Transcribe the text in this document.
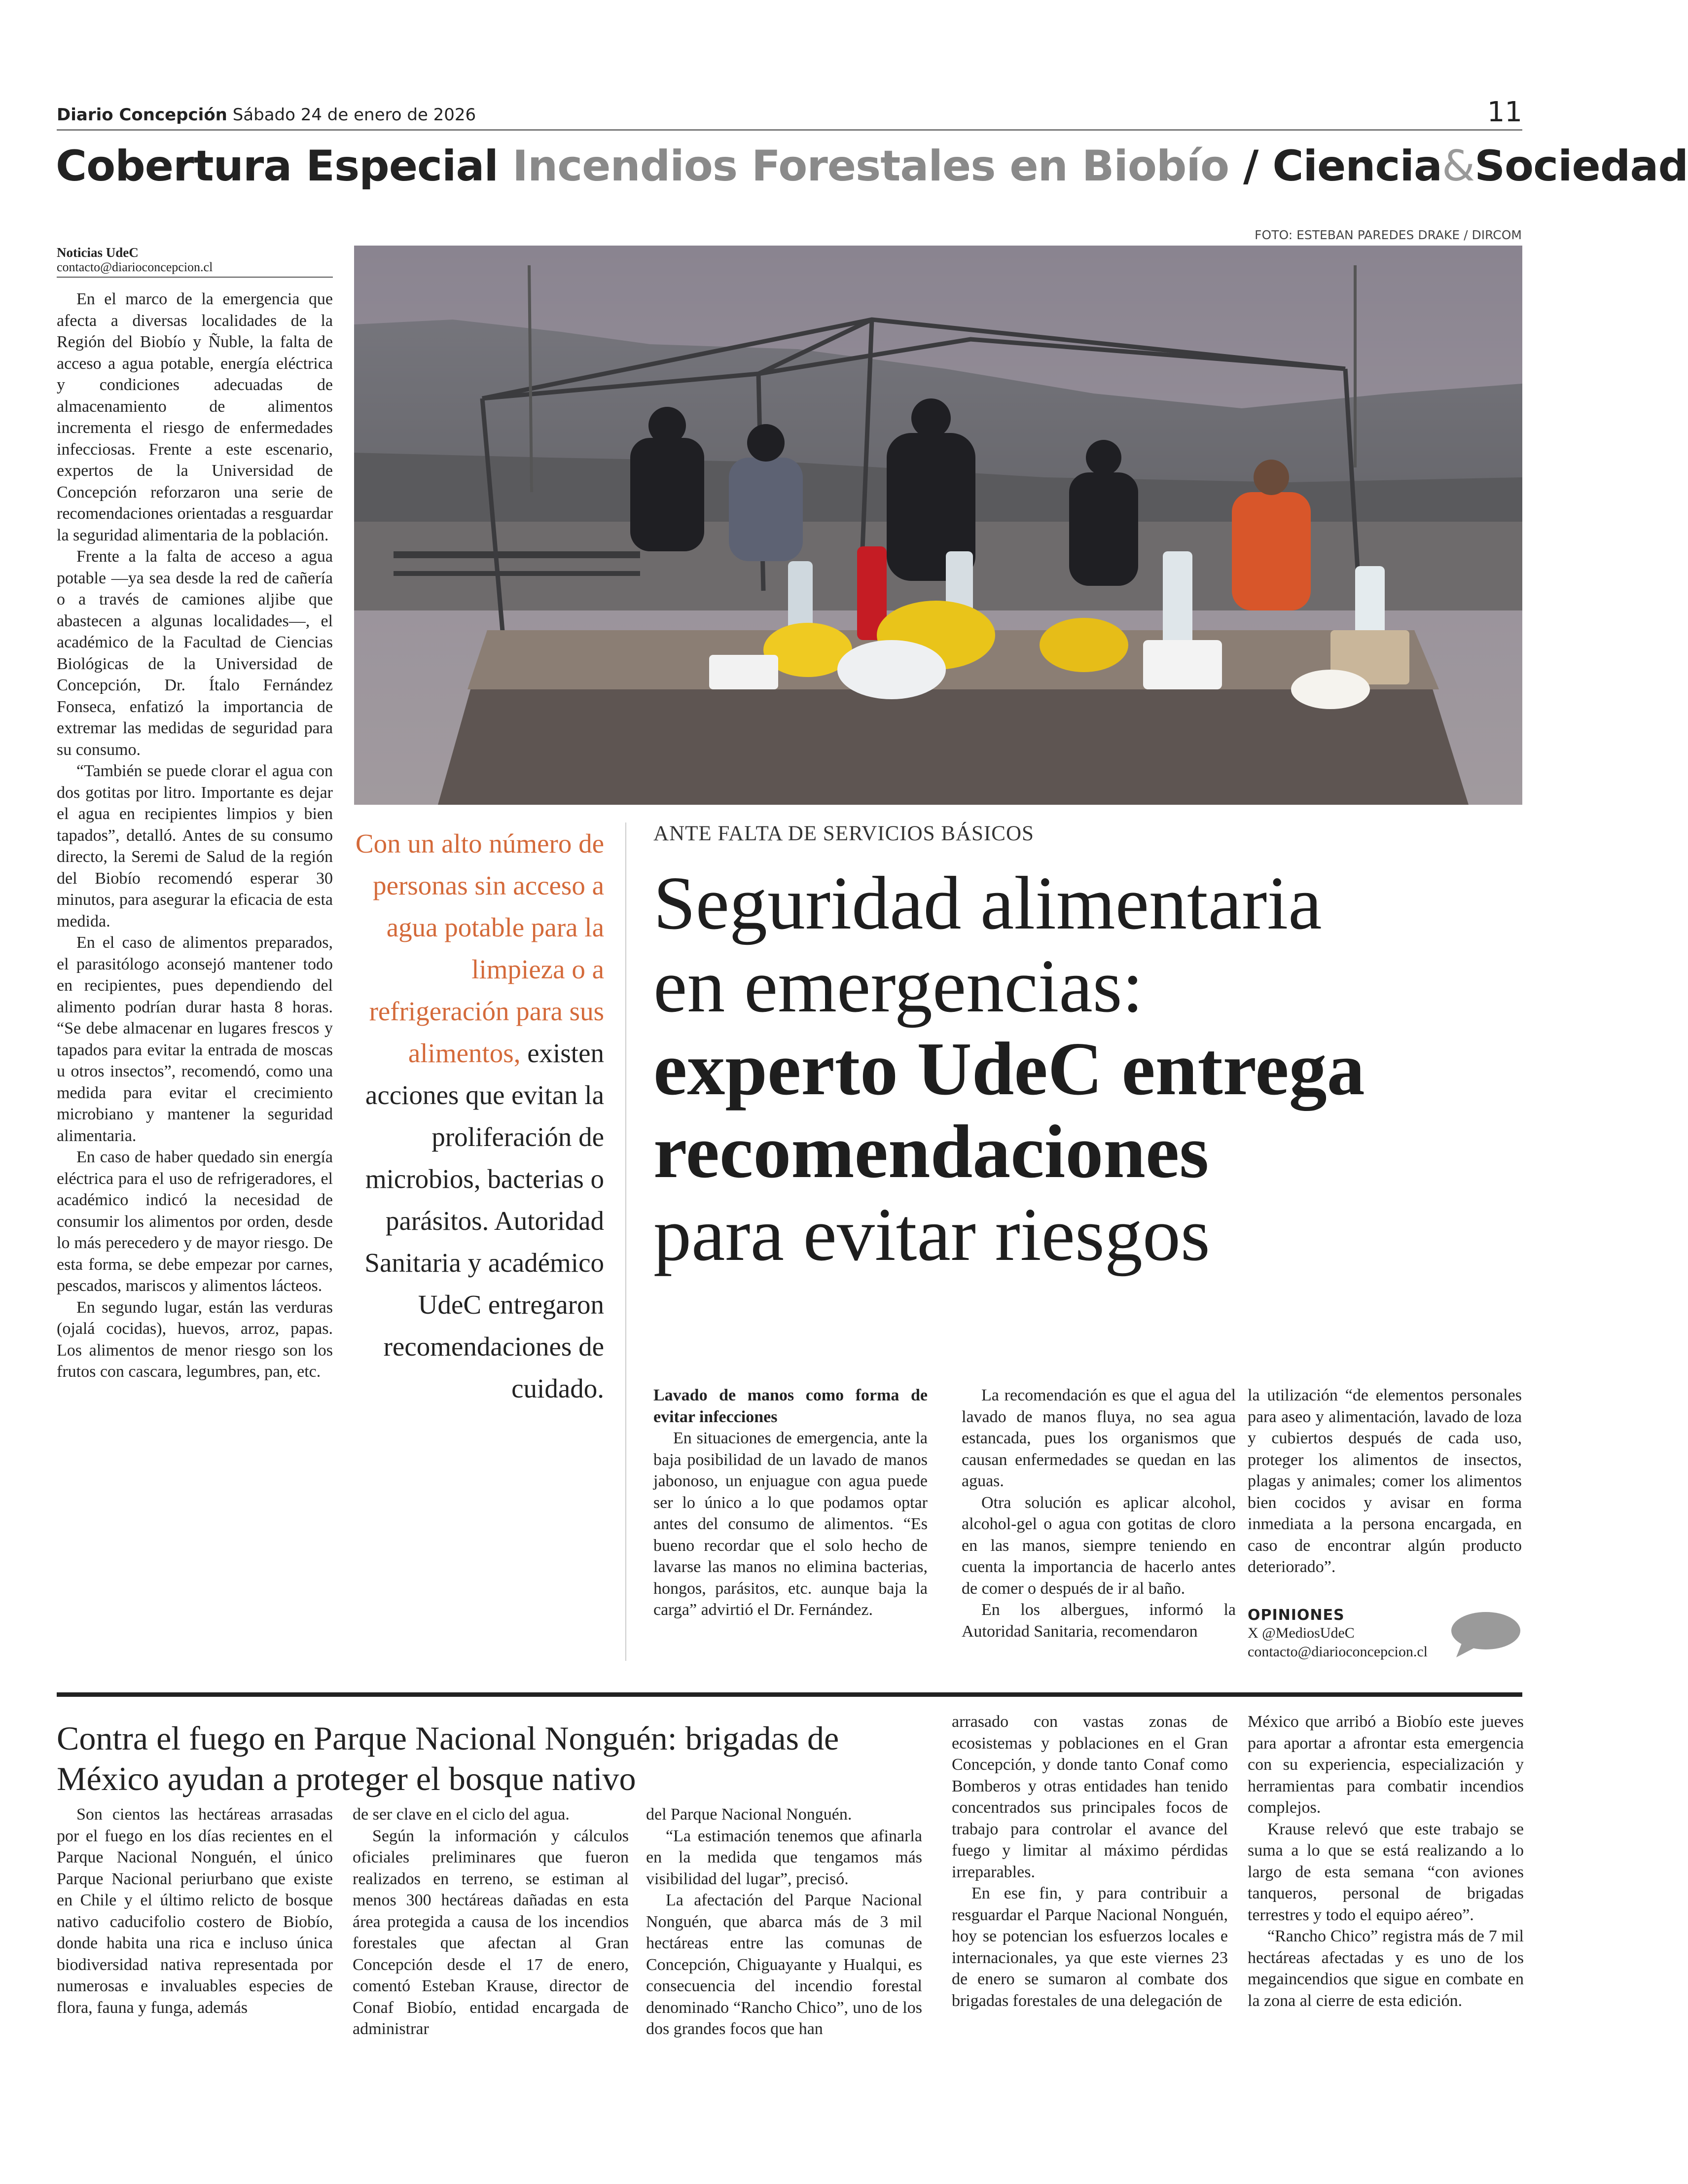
Diario Concepción Sábado 24 de enero de 2026	11
Cobertura Especial Incendios Forestales en Biobío / Ciencia&Sociedad
Noticias UdeC
contacto@diarioconcepcion.cl

En el marco de la emergencia que afecta a diversas localidades de la Región del Biobío y Ñuble, la falta de acceso a agua potable, energía eléctrica y condiciones adecuadas de almacenamiento de alimentos incrementa el riesgo de enfermedades infecciosas. Frente a este escenario, expertos de la Universidad de Concepción reforzaron una serie de recomendaciones orientadas a resguardar la seguridad alimentaria de la población.

Frente a la falta de acceso a agua potable —ya sea desde la red de cañería o a través de camiones aljibe que abastecen a algunas localidades—, el académico de la Facultad de Ciencias Biológicas de la Universidad de Concepción, Dr. Ítalo Fernández Fonseca, enfatizó la importancia de extremar las medidas de seguridad para su consumo.

“También se puede clorar el agua con dos gotitas por litro. Importante es dejar el agua en recipientes limpios y bien tapados”, detalló. Antes de su consumo directo, la Seremi de Salud de la región del Biobío recomendó esperar 30 minutos, para asegurar la eficacia de esta medida.

En el caso de alimentos preparados, el parasitólogo aconsejó mantener todo en recipientes, pues dependiendo del alimento podrían durar hasta 8 horas. “Se debe almacenar en lugares frescos y tapados para evitar la entrada de moscas u otros insectos”, recomendó, como una medida para evitar el crecimiento microbiano y mantener la seguridad alimentaria.

En caso de haber quedado sin energía eléctrica para el uso de refrigeradores, el académico indicó la necesidad de consumir los alimentos por orden, desde lo más perecedero y de mayor riesgo. De esta forma, se debe empezar por carnes, pescados, mariscos y alimentos lácteos.

En segundo lugar, están las verduras (ojalá cocidas), huevos, arroz, papas. Los alimentos de menor riesgo son los frutos con cascara, legumbres, pan, etc.

FOTO: ESTEBAN PAREDES DRAKE / DIRCOM
Con un alto número de personas sin acceso a agua potable para la limpieza o a refrigeración para sus alimentos, existen acciones que evitan la proliferación de microbios, bacterias o parásitos. Autoridad Sanitaria y académico UdeC entregaron recomendaciones de cuidado.
ANTE FALTA DE SERVICIOS BÁSICOS
Seguridad alimentaria
en emergencias:
experto UdeC entrega
recomendaciones
para evitar riesgos

Lavado de manos como forma de evitar infecciones

En situaciones de emergencia, ante la baja posibilidad de un lavado de manos jabonoso, un enjuague con agua puede ser lo único a lo que podamos optar antes del consumo de alimentos. “Es bueno recordar que el solo hecho de lavarse las manos no elimina bacterias, hongos, parásitos, etc. aunque baja la carga” advirtió el Dr. Fernández.

La recomendación es que el agua del lavado de manos fluya, no sea agua estancada, pues los organismos que causan enfermedades se quedan en las aguas.

Otra solución es aplicar alcohol, alcohol-gel o agua con gotitas de cloro en las manos, siempre teniendo en cuenta la importancia de hacerlo antes de comer o después de ir al baño.

En los albergues, informó la Autoridad Sanitaria, recomendaron

la utilización “de elementos personales para aseo y alimentación, lavado de loza y cubiertos después de cada uso, proteger los alimentos de insectos, plagas y animales; comer los alimentos bien cocidos y avisar en forma inmediata a la persona encargada, en caso de encontrar algún producto deteriorado”.

OPINIONES
X @MediosUdeC
contacto@diarioconcepcion.cl
Contra el fuego en Parque Nacional Nonguén: brigadas de México ayudan a proteger el bosque nativo

Son cientos las hectáreas arrasadas por el fuego en los días recientes en el Parque Nacional Nonguén, el único Parque Nacional periurbano que existe en Chile y el último relicto de bosque nativo caducifolio costero de Biobío, donde habita una rica e incluso única biodiversidad nativa representada por numerosas e invaluables especies de flora, fauna y funga, además

de ser clave en el ciclo del agua.

Según la información y cálculos oficiales preliminares que fueron realizados en terreno, se estiman al menos 300 hectáreas dañadas en esta área protegida a causa de los incendios forestales que afectan al Gran Concepción desde el 17 de enero, comentó Esteban Krause, director de Conaf Biobío, entidad encargada de administrar

del Parque Nacional Nonguén.

“La estimación tenemos que afinarla en la medida que tengamos más visibilidad del lugar”, precisó.

La afectación del Parque Nacional Nonguén, que abarca más de 3 mil hectáreas entre las comunas de Concepción, Chiguayante y Hualqui, es consecuencia del incendio forestal denominado “Rancho Chico”, uno de los dos grandes focos que han

arrasado con vastas zonas de ecosistemas y poblaciones en el Gran Concepción, y donde tanto Conaf como Bomberos y otras entidades han tenido concentrados sus principales focos de trabajo para controlar el avance del fuego y limitar al máximo pérdidas irreparables.

En ese fin, y para contribuir a resguardar el Parque Nacional Nonguén, hoy se potencian los esfuerzos locales e internacionales, ya que este viernes 23 de enero se sumaron al combate dos brigadas forestales de una delegación de

México que arribó a Biobío este jueves para aportar a afrontar esta emergencia con su experiencia, especialización y herramientas para combatir incendios complejos.

Krause relevó que este trabajo se suma a lo que se está realizando a lo largo de esta semana “con aviones tanqueros, personal de brigadas terrestres y todo el equipo aéreo”.

“Rancho Chico” registra más de 7 mil hectáreas afectadas y es uno de los megaincendios que sigue en combate en la zona al cierre de esta edición.
